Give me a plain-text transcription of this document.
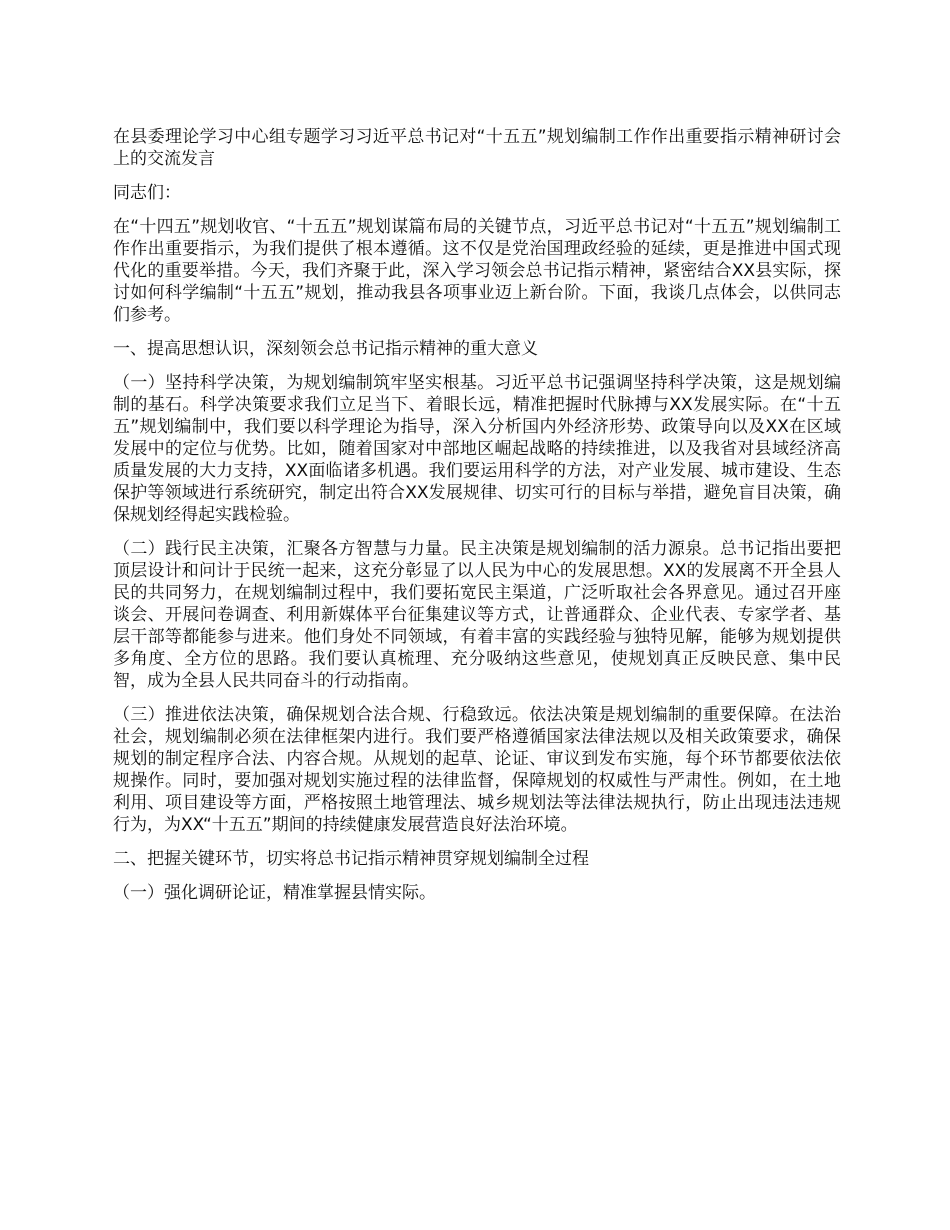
在县委理论学习中心组专题学习习近平总书记对“十五五”规划编制工作作出重要指示精神研讨会上的交流发言

同志们：

在“十四五”规划收官、“十五五”规划谋篇布局的关键节点，习近平总书记对“十五五”规划编制工作作出重要指示，为我们提供了根本遵循。这不仅是党治国理政经验的延续，更是推进中国式现代化的重要举措。今天，我们齐聚于此，深入学习领会总书记指示精神，紧密结合XX县实际，探讨如何科学编制“十五五”规划，推动我县各项事业迈上新台阶。下面，我谈几点体会，以供同志们参考。

一、提高思想认识，深刻领会总书记指示精神的重大意义

（一）坚持科学决策，为规划编制筑牢坚实根基。习近平总书记强调坚持科学决策，这是规划编制的基石。科学决策要求我们立足当下、着眼长远，精准把握时代脉搏与XX发展实际。在“十五五”规划编制中，我们要以科学理论为指导，深入分析国内外经济形势、政策导向以及XX在区域发展中的定位与优势。比如，随着国家对中部地区崛起战略的持续推进，以及我省对县域经济高质量发展的大力支持，XX面临诸多机遇。我们要运用科学的方法，对产业发展、城市建设、生态保护等领域进行系统研究，制定出符合XX发展规律、切实可行的目标与举措，避免盲目决策，确保规划经得起实践检验。

（二）践行民主决策，汇聚各方智慧与力量。民主决策是规划编制的活力源泉。总书记指出要把顶层设计和问计于民统一起来，这充分彰显了以人民为中心的发展思想。XX的发展离不开全县人民的共同努力，在规划编制过程中，我们要拓宽民主渠道，广泛听取社会各界意见。通过召开座谈会、开展问卷调查、利用新媒体平台征集建议等方式，让普通群众、企业代表、专家学者、基层干部等都能参与进来。他们身处不同领域，有着丰富的实践经验与独特见解，能够为规划提供多角度、全方位的思路。我们要认真梳理、充分吸纳这些意见，使规划真正反映民意、集中民智，成为全县人民共同奋斗的行动指南。

（三）推进依法决策，确保规划合法合规、行稳致远。依法决策是规划编制的重要保障。在法治社会，规划编制必须在法律框架内进行。我们要严格遵循国家法律法规以及相关政策要求，确保规划的制定程序合法、内容合规。从规划的起草、论证、审议到发布实施，每个环节都要依法依规操作。同时，要加强对规划实施过程的法律监督，保障规划的权威性与严肃性。例如，在土地利用、项目建设等方面，严格按照土地管理法、城乡规划法等法律法规执行，防止出现违法违规行为，为XX“十五五”期间的持续健康发展营造良好法治环境。

二、把握关键环节，切实将总书记指示精神贯穿规划编制全过程

（一）强化调研论证，精准掌握县情实际。
